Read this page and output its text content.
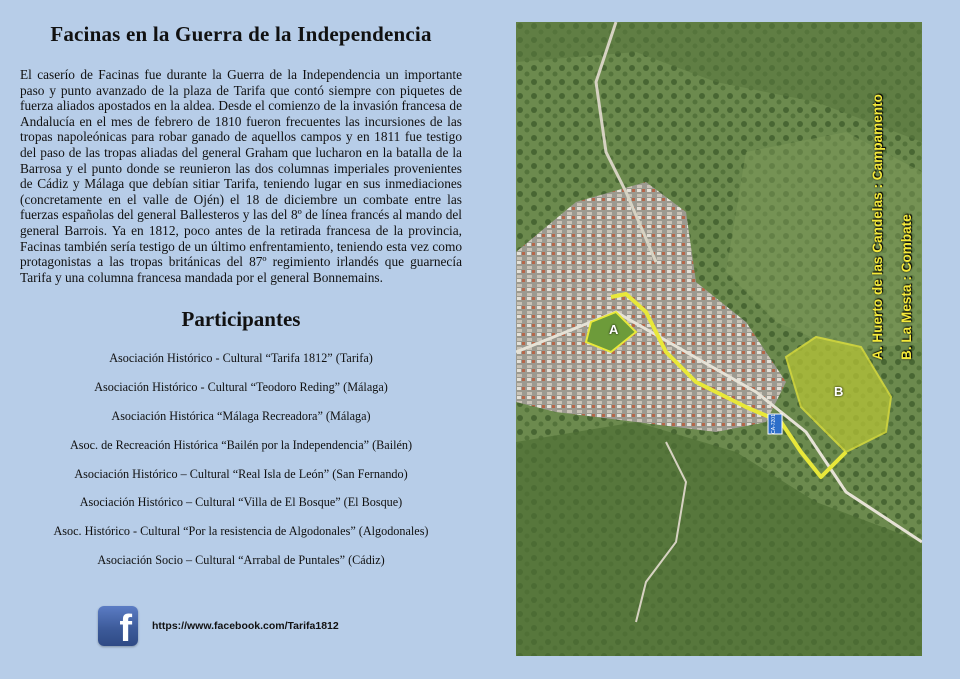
Facinas en la Guerra de la Independencia

El caserío de Facinas fue durante la Guerra de la Independencia un importante paso y punto avanzado de la plaza de Tarifa que contó siempre con piquetes de fuerza aliados apostados en la aldea. Desde el comienzo de la invasión francesa de Andalucía en el mes de febrero de 1810 fueron frecuentes las incursiones de las tropas napoleónicas para robar ganado de aquellos campos y en 1811 fue testigo del paso de las tropas aliadas del general Graham que lucharon en la batalla de la Barrosa y el punto donde se reunieron las dos columnas imperiales provenientes de Cádiz y Málaga que debían sitiar Tarifa, teniendo lugar en sus inmediaciones (concretamente en el valle de Ojén) el 18 de diciembre un combate entre las fuerzas españolas del general Ballesteros y las del 8º de línea francés al mando del general Barrois. Ya en 1812, poco antes de la retirada francesa de la provincia, Facinas también sería testigo de un último enfrentamiento, teniendo esta vez como protagonistas a las tropas británicas del 87º regimiento irlandés que guarnecía Tarifa y una columna francesa mandada por el general Bonnemains.

Participantes
Asociación Histórico - Cultural “Tarifa 1812” (Tarifa)
Asociación Histórico - Cultural “Teodoro Reding” (Málaga)
Asociación Histórica “Málaga Recreadora” (Málaga)
Asoc. de Recreación Histórica “Bailén por la Independencia” (Bailén)
Asociación Histórico – Cultural “Real Isla de León” (San Fernando)
Asociación Histórico – Cultural “Villa de El Bosque” (El Bosque)
Asoc. Histórico - Cultural “Por la resistencia de Algodonales” (Algodonales)
Asociación Socio – Cultural “Arrabal de Puntales” (Cádiz)
f https://www.facebook.com/Tarifa1812
CA-7201
A
B
A. Huerto de las Candelas : Campamento B. La Mesta : Combate
